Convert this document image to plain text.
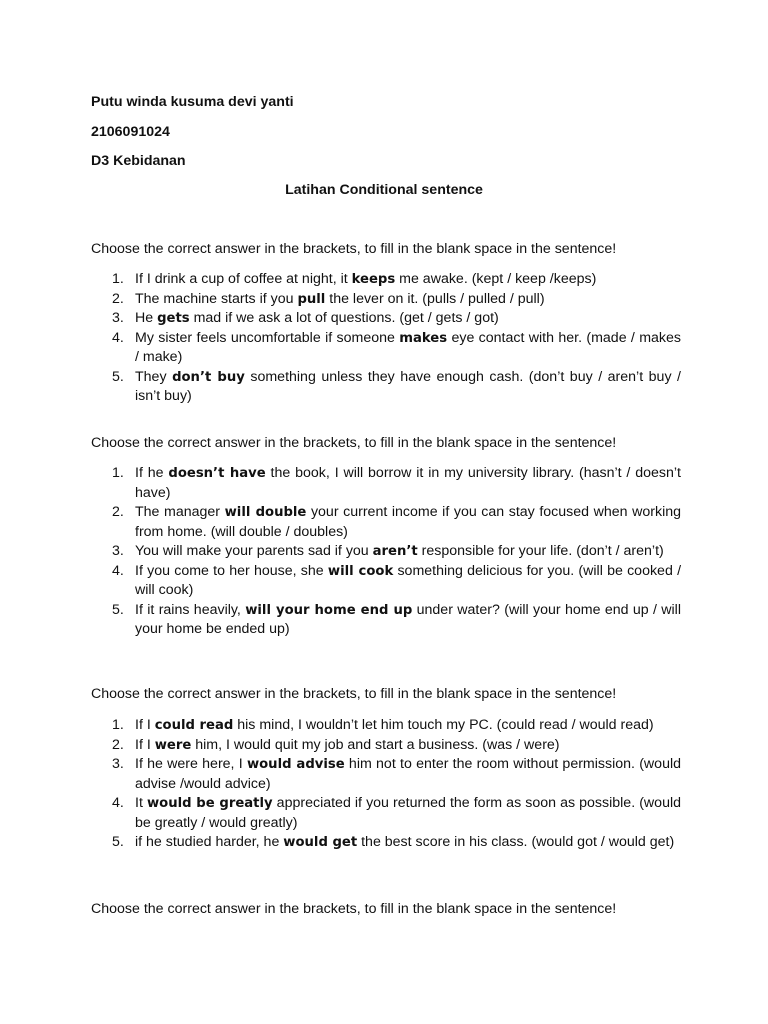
Putu winda kusuma devi yanti
2106091024
D3 Kebidanan
Latihan Conditional sentence
Choose the correct answer in the brackets, to fill in the blank space in the sentence!
1. If I drink a cup of coffee at night, it keeps me awake. (kept / keep /keeps)
2. The machine starts if you pull the lever on it. (pulls / pulled / pull)
3. He gets mad if we ask a lot of questions. (get / gets / got)
4. My sister feels uncomfortable if someone makes eye contact with her. (made / makes / make)
5. They don’t buy something unless they have enough cash. (don’t buy / aren’t buy / isn’t buy)
Choose the correct answer in the brackets, to fill in the blank space in the sentence!
1. If he doesn’t have the book, I will borrow it in my university library. (hasn’t / doesn’t have)
2. The manager will double your current income if you can stay focused when working from home. (will double / doubles)
3. You will make your parents sad if you aren’t responsible for your life. (don’t / aren’t)
4. If you come to her house, she will cook something delicious for you. (will be cooked / will cook)
5. If it rains heavily, will your home end up under water? (will your home end up / will your home be ended up)
Choose the correct answer in the brackets, to fill in the blank space in the sentence!
1. If I could read his mind, I wouldn’t let him touch my PC. (could read / would read)
2. If I were him, I would quit my job and start a business. (was / were)
3. If he were here, I would advise him not to enter the room without permission. (would advise /would advice)
4. It would be greatly appreciated if you returned the form as soon as possible. (would be greatly / would greatly)
5. if he studied harder, he would get the best score in his class. (would got / would get)
Choose the correct answer in the brackets, to fill in the blank space in the sentence!
